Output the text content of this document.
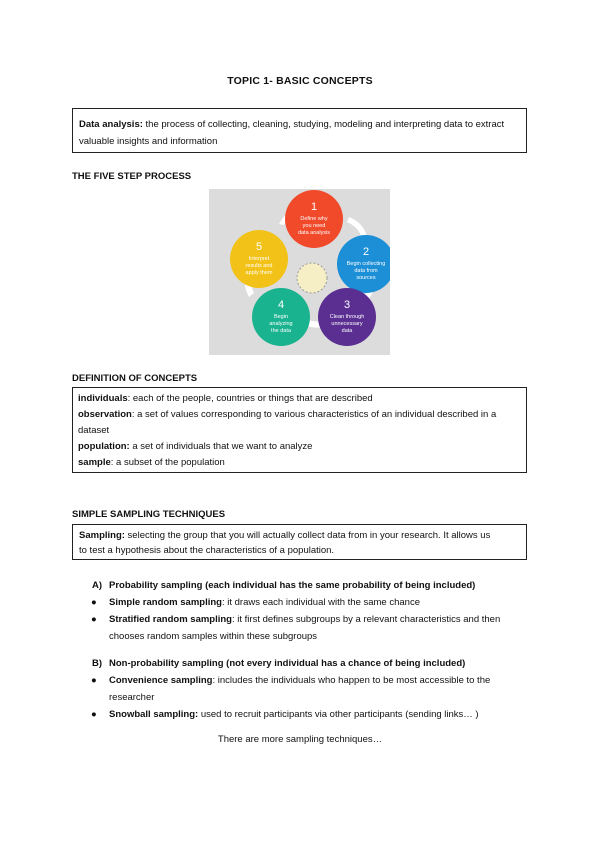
TOPIC 1- BASIC CONCEPTS
Data analysis: the process of collecting, cleaning, studying, modeling and interpreting data to extract valuable insights and information
THE FIVE STEP PROCESS
1
Define why
you need
data analysis
2
Begin collecting
data from
sources
3
Clean through
unnecessary
data
4
Begin
analyzing
the data
5
Interpret
results and
apply them
DEFINITION OF CONCEPTS
individuals: each of the people, countries or things that are described
observation: a set of values corresponding to various characteristics of an individual described in a
dataset
population: a set of individuals that we want to analyze
sample: a subset of the population
SIMPLE SAMPLING TECHNIQUES
Sampling: selecting the group that you will actually collect data from in your research. It allows us
to test a hypothesis about the characteristics of a population.
A) Probability sampling (each individual has the same probability of being included)
● Simple random sampling: it draws each individual with the same chance
● Stratified random sampling: it first defines subgroups by a relevant characteristics and then
chooses random samples within these subgroups
B) Non-probability sampling (not every individual has a chance of being included)
● Convenience sampling: includes the individuals who happen to be most accessible to the
researcher
● Snowball sampling: used to recruit participants via other participants (sending links… )
There are more sampling techniques…
